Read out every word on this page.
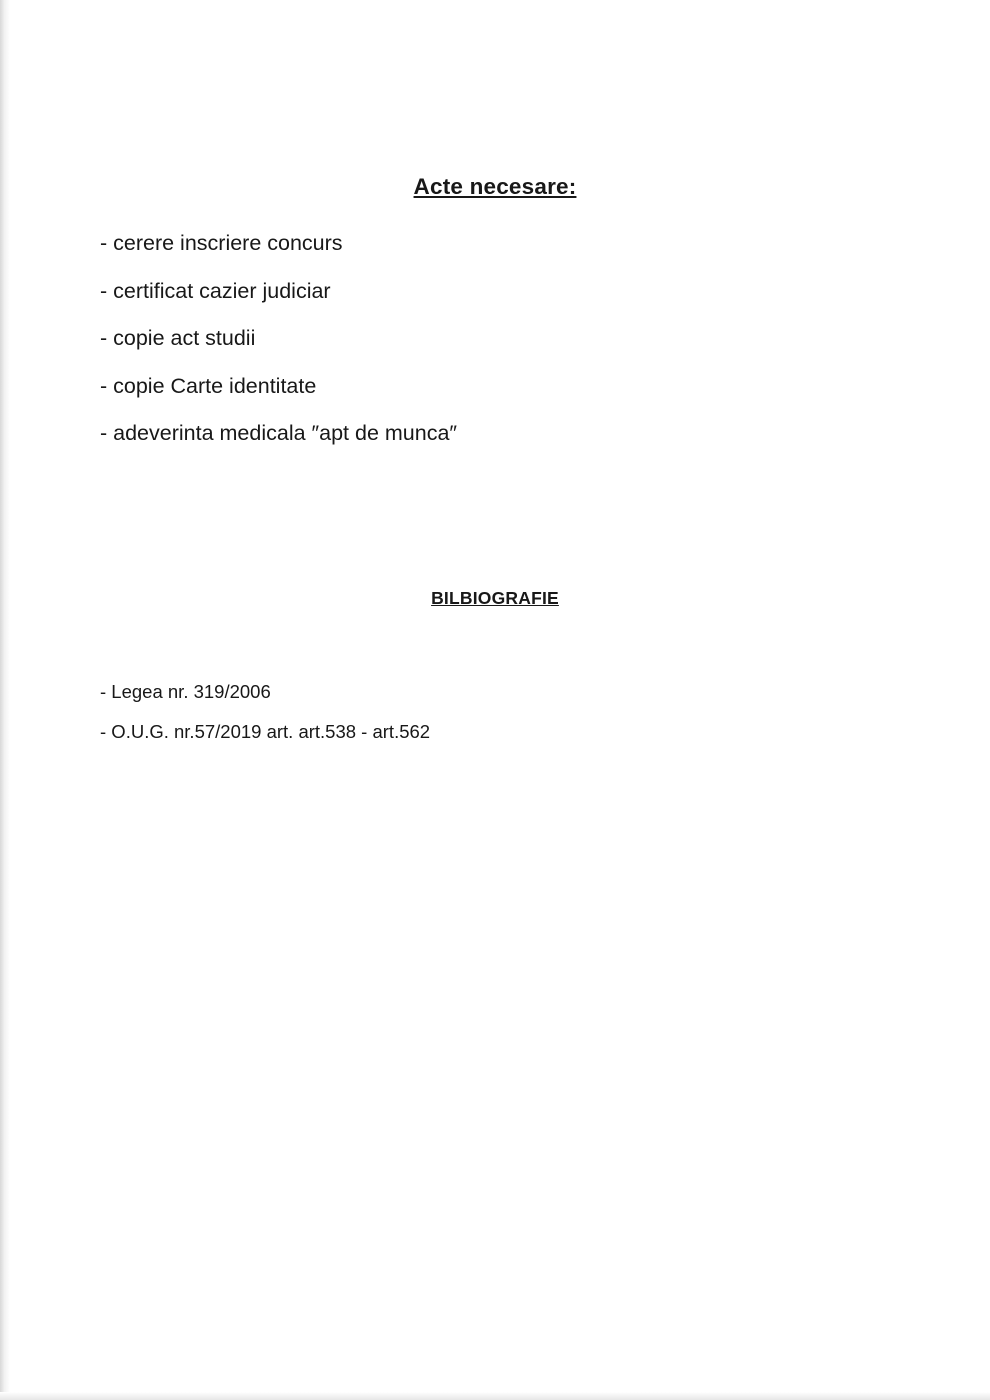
Acte necesare:
- cerere inscriere concurs
- certificat cazier judiciar
- copie act studii
- copie Carte identitate
- adeverinta medicala ″apt de munca″
BILBIOGRAFIE
- Legea nr. 319/2006
- O.U.G. nr.57/2019 art. art.538 - art.562
